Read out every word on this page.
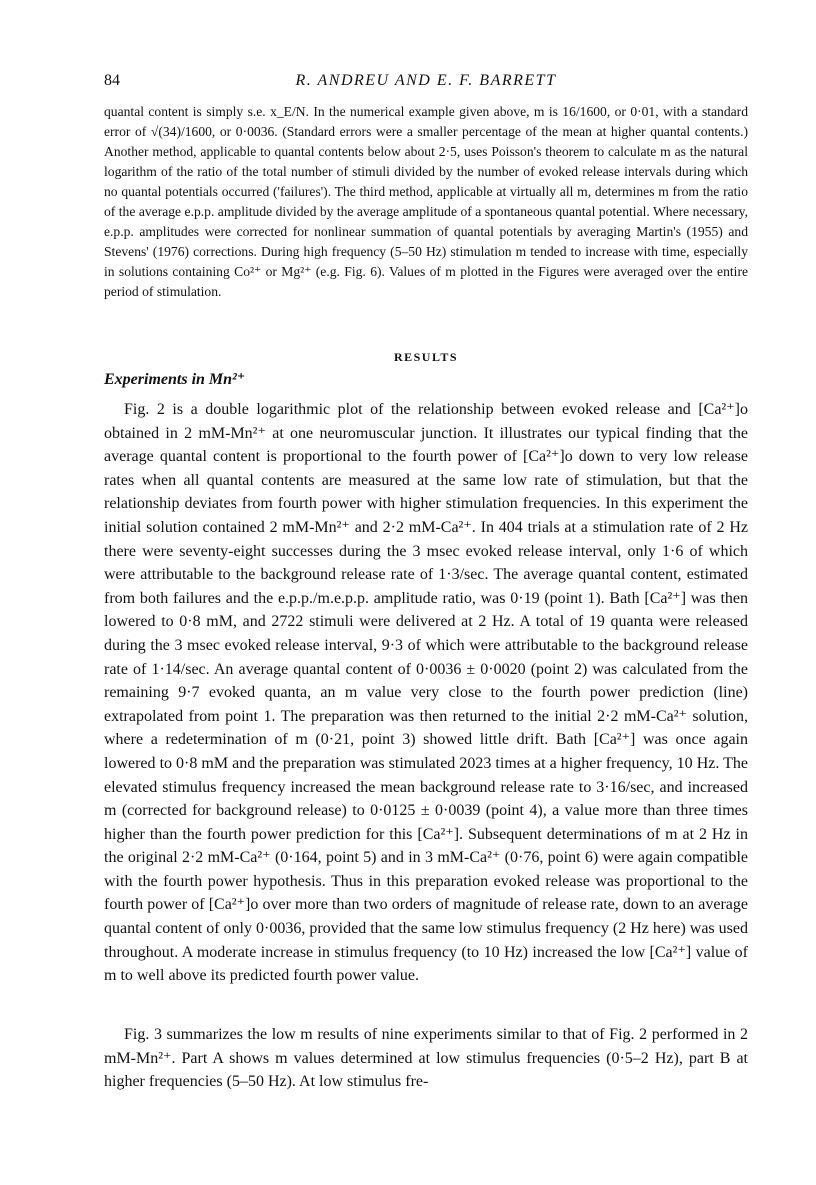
84	R. ANDREU AND E. F. BARRETT

quantal content is simply s.e. x_E/N. In the numerical example given above, m is 16/1600, or 0·01, with a standard error of √(34)/1600, or 0·0036. (Standard errors were a smaller percentage of the mean at higher quantal contents.) Another method, applicable to quantal contents below about 2·5, uses Poisson's theorem to calculate m as the natural logarithm of the ratio of the total number of stimuli divided by the number of evoked release intervals during which no quantal potentials occurred ('failures'). The third method, applicable at virtually all m, determines m from the ratio of the average e.p.p. amplitude divided by the average amplitude of a spontaneous quantal potential. Where necessary, e.p.p. amplitudes were corrected for nonlinear summation of quantal potentials by averaging Martin's (1955) and Stevens' (1976) corrections. During high frequency (5–50 Hz) stimulation m tended to increase with time, especially in solutions containing Co²⁺ or Mg²⁺ (e.g. Fig. 6). Values of m plotted in the Figures were averaged over the entire period of stimulation.

RESULTS
Experiments in Mn²⁺

Fig. 2 is a double logarithmic plot of the relationship between evoked release and [Ca²⁺]o obtained in 2 mM-Mn²⁺ at one neuromuscular junction. It illustrates our typical finding that the average quantal content is proportional to the fourth power of [Ca²⁺]o down to very low release rates when all quantal contents are measured at the same low rate of stimulation, but that the relationship deviates from fourth power with higher stimulation frequencies. In this experiment the initial solution contained 2 mM-Mn²⁺ and 2·2 mM-Ca²⁺. In 404 trials at a stimulation rate of 2 Hz there were seventy-eight successes during the 3 msec evoked release interval, only 1·6 of which were attributable to the background release rate of 1·3/sec. The average quantal content, estimated from both failures and the e.p.p./m.e.p.p. amplitude ratio, was 0·19 (point 1). Bath [Ca²⁺] was then lowered to 0·8 mM, and 2722 stimuli were delivered at 2 Hz. A total of 19 quanta were released during the 3 msec evoked release interval, 9·3 of which were attributable to the background release rate of 1·14/sec. An average quantal content of 0·0036 ± 0·0020 (point 2) was calculated from the remaining 9·7 evoked quanta, an m value very close to the fourth power prediction (line) extrapolated from point 1. The preparation was then returned to the initial 2·2 mM-Ca²⁺ solution, where a redetermination of m (0·21, point 3) showed little drift. Bath [Ca²⁺] was once again lowered to 0·8 mM and the preparation was stimulated 2023 times at a higher frequency, 10 Hz. The elevated stimulus frequency increased the mean background release rate to 3·16/sec, and increased m (corrected for background release) to 0·0125 ± 0·0039 (point 4), a value more than three times higher than the fourth power prediction for this [Ca²⁺]. Subsequent determinations of m at 2 Hz in the original 2·2 mM-Ca²⁺ (0·164, point 5) and in 3 mM-Ca²⁺ (0·76, point 6) were again compatible with the fourth power hypothesis. Thus in this preparation evoked release was proportional to the fourth power of [Ca²⁺]o over more than two orders of magnitude of release rate, down to an average quantal content of only 0·0036, provided that the same low stimulus frequency (2 Hz here) was used throughout. A moderate increase in stimulus frequency (to 10 Hz) increased the low [Ca²⁺] value of m to well above its predicted fourth power value.

Fig. 3 summarizes the low m results of nine experiments similar to that of Fig. 2 performed in 2 mM-Mn²⁺. Part A shows m values determined at low stimulus frequencies (0·5–2 Hz), part B at higher frequencies (5–50 Hz). At low stimulus fre-
